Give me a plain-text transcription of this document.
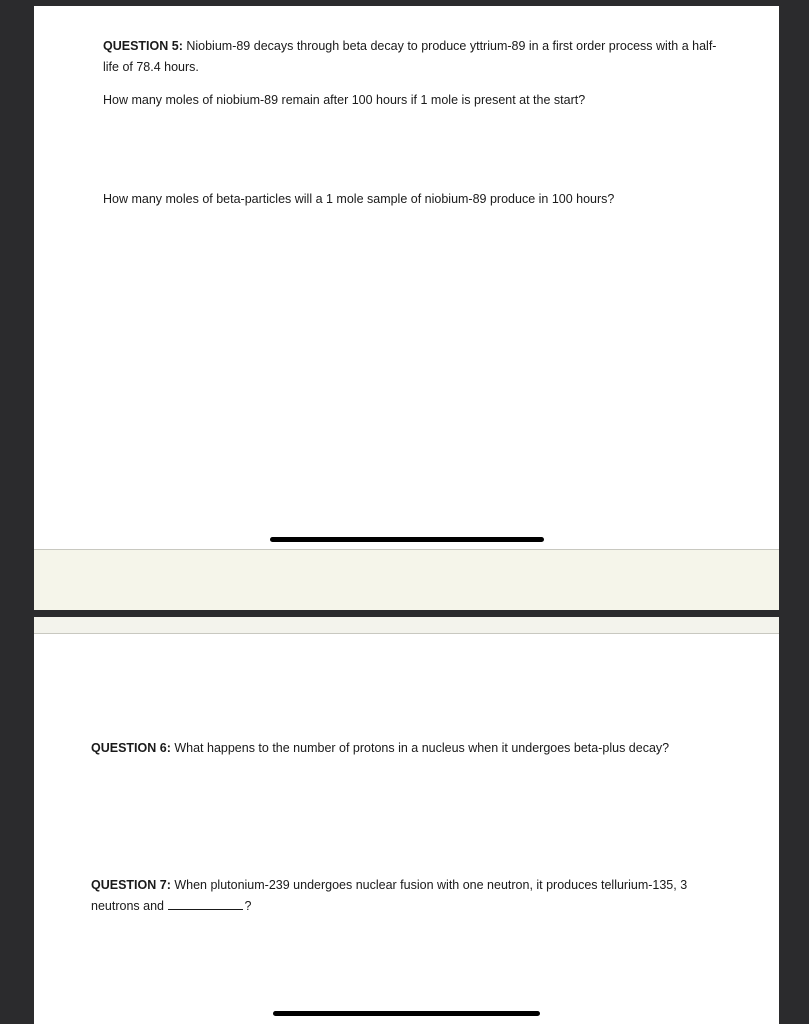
QUESTION 5: Niobium-89 decays through beta decay to produce yttrium-89 in a first order process with a half-life of 78.4 hours.

How many moles of niobium-89 remain after 100 hours if 1 mole is present at the start?

How many moles of beta-particles will a 1 mole sample of niobium-89 produce in 100 hours?

QUESTION 6: What happens to the number of protons in a nucleus when it undergoes beta-plus decay?

QUESTION 7: When plutonium-239 undergoes nuclear fusion with one neutron, it produces tellurium-135, 3 neutrons and	?
